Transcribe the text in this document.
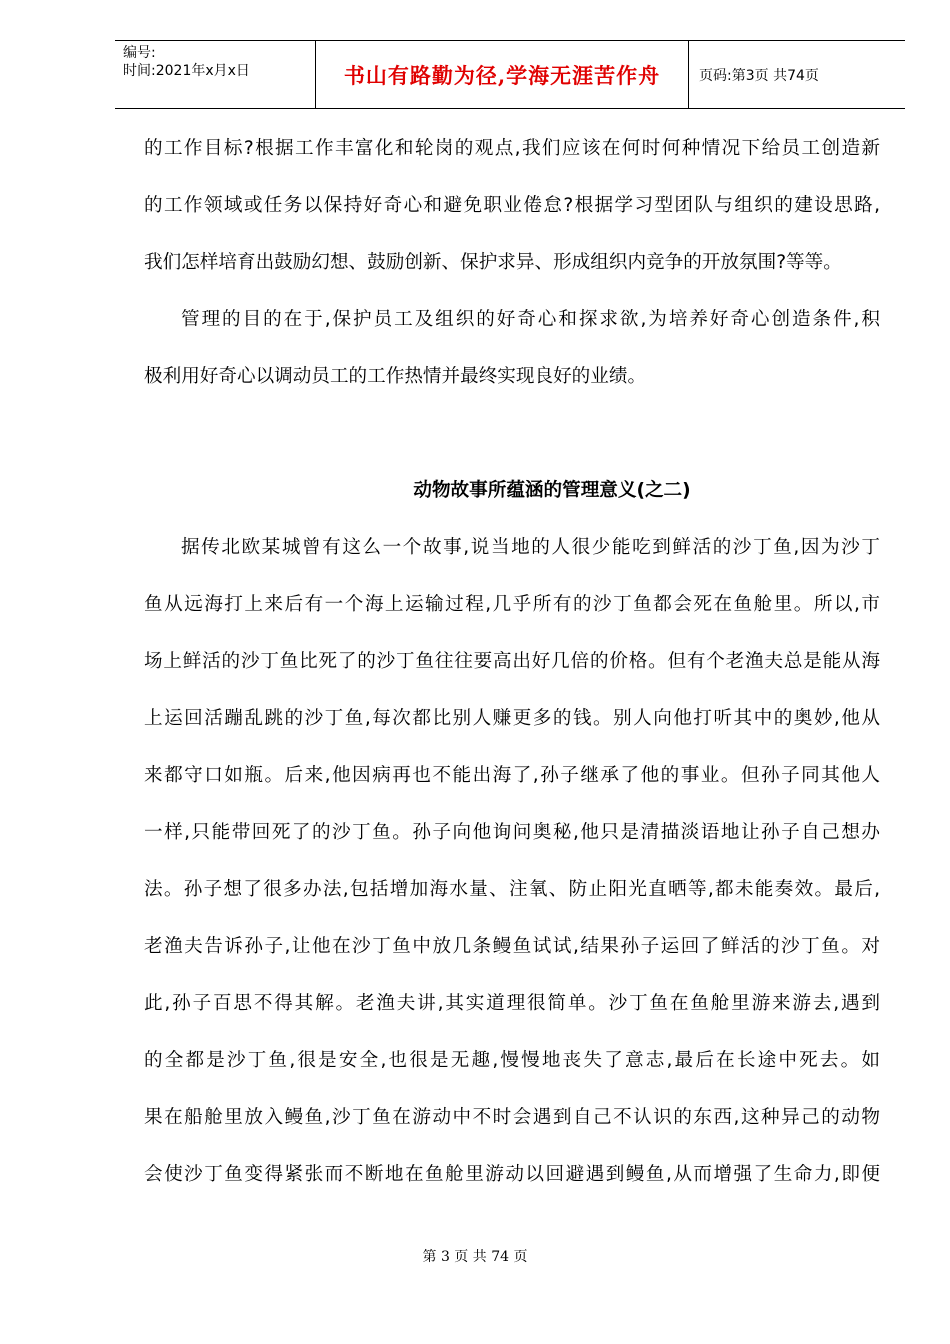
编号:
时间:2021年x月x日	书山有路勤为径,学海无涯苦作舟	页码:第3页 共74页
的工作目标?根据工作丰富化和轮岗的观点,我们应该在何时何种情况下给员工创造新
的工作领域或任务以保持好奇心和避免职业倦怠?根据学习型团队与组织的建设思路,
我们怎样培育出鼓励幻想、鼓励创新、保护求异、形成组织内竞争的开放氛围?等等。
管理的目的在于,保护员工及组织的好奇心和探求欲,为培养好奇心创造条件,积
极利用好奇心以调动员工的工作热情并最终实现良好的业绩。
动物故事所蕴涵的管理意义(之二)
据传北欧某城曾有这么一个故事,说当地的人很少能吃到鲜活的沙丁鱼,因为沙丁
鱼从远海打上来后有一个海上运输过程,几乎所有的沙丁鱼都会死在鱼舱里。所以,市
场上鲜活的沙丁鱼比死了的沙丁鱼往往要高出好几倍的价格。但有个老渔夫总是能从海
上运回活蹦乱跳的沙丁鱼,每次都比别人赚更多的钱。别人向他打听其中的奥妙,他从
来都守口如瓶。后来,他因病再也不能出海了,孙子继承了他的事业。但孙子同其他人
一样,只能带回死了的沙丁鱼。孙子向他询问奥秘,他只是清描淡语地让孙子自己想办
法。孙子想了很多办法,包括增加海水量、注氧、防止阳光直晒等,都未能奏效。最后,
老渔夫告诉孙子,让他在沙丁鱼中放几条鳗鱼试试,结果孙子运回了鲜活的沙丁鱼。对
此,孙子百思不得其解。老渔夫讲,其实道理很简单。沙丁鱼在鱼舱里游来游去,遇到
的全都是沙丁鱼,很是安全,也很是无趣,慢慢地丧失了意志,最后在长途中死去。如
果在船舱里放入鳗鱼,沙丁鱼在游动中不时会遇到自己不认识的东西,这种异己的动物
会使沙丁鱼变得紧张而不断地在鱼舱里游动以回避遇到鳗鱼,从而增强了生命力,即便
第 3 页 共 74 页
